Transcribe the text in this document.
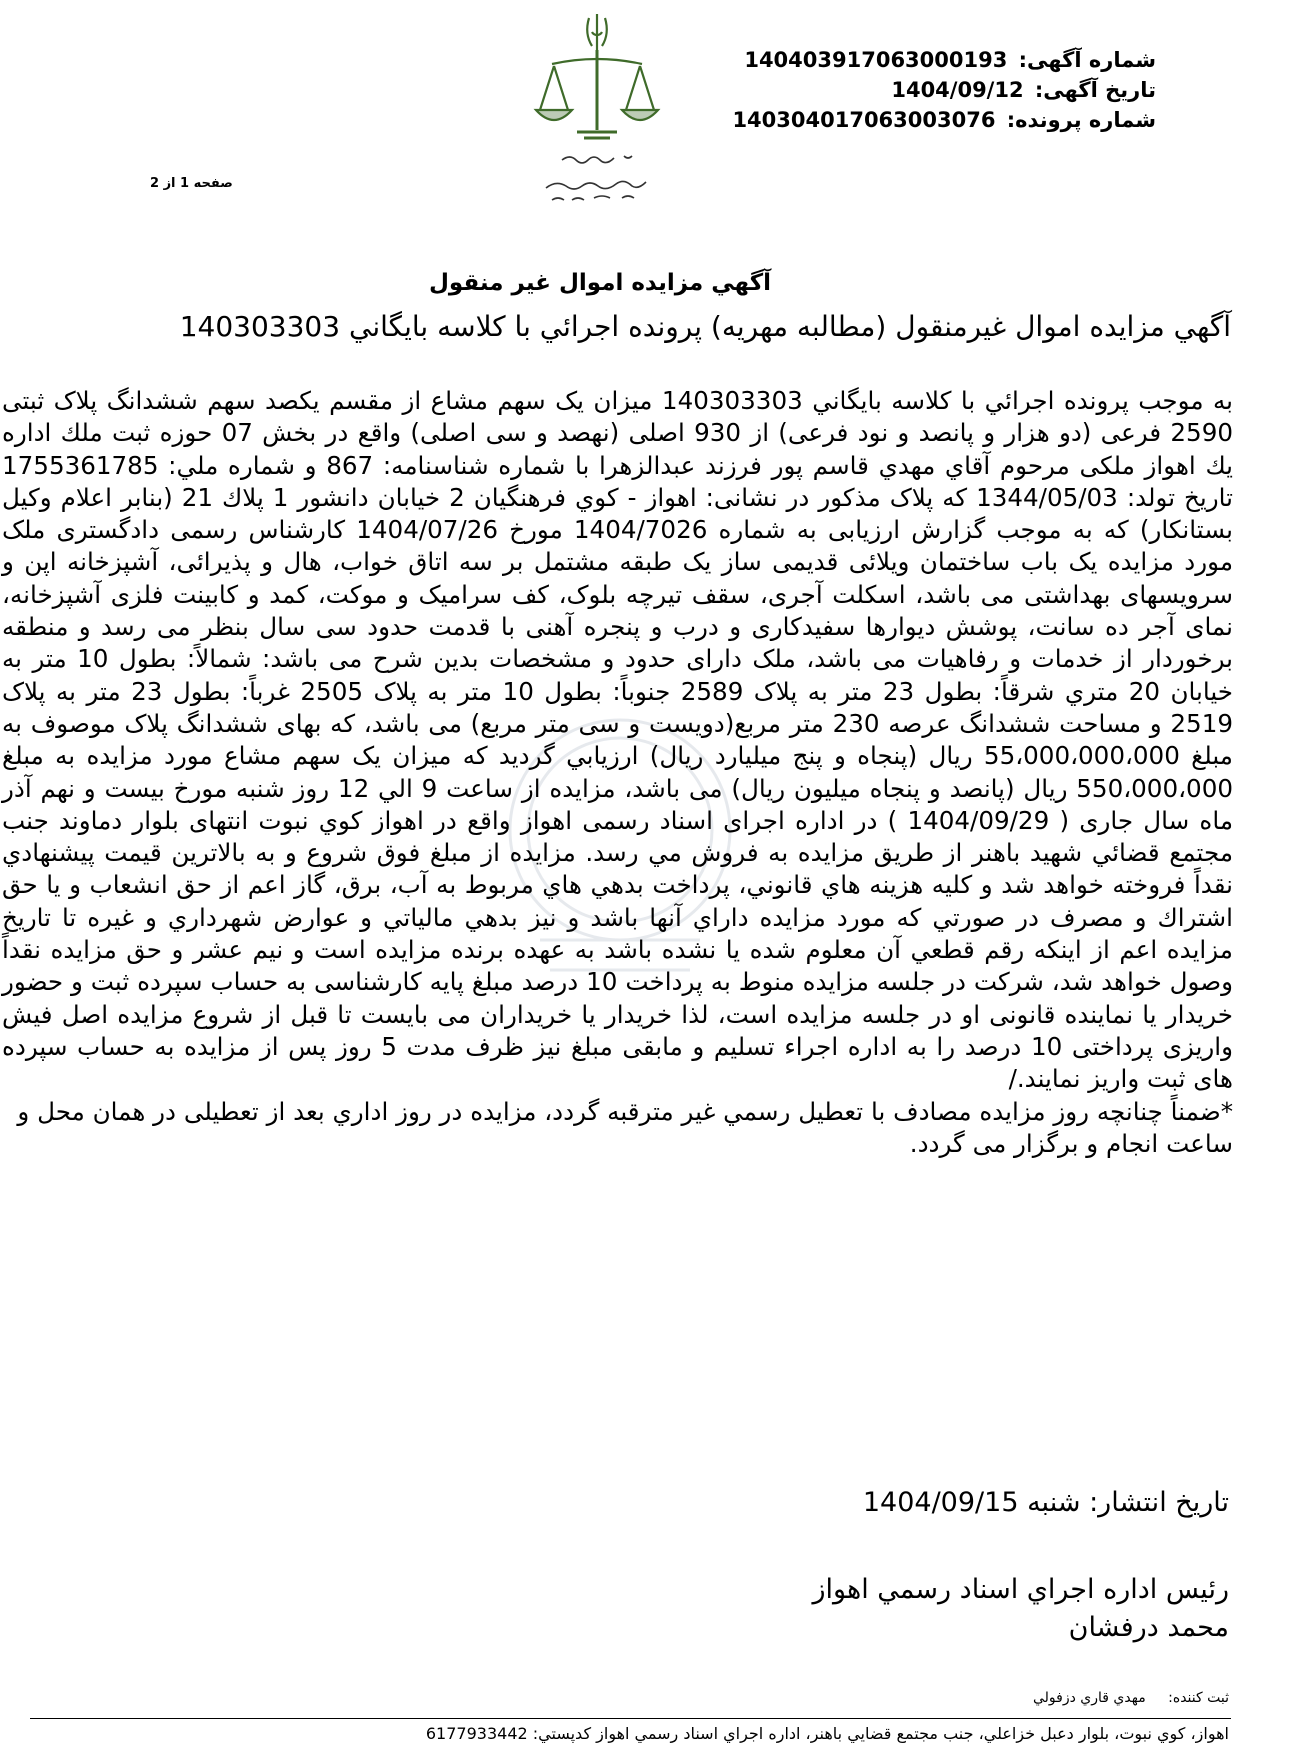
شماره آگهی: 140403917063000193
تاریخ آگهی: 1404/09/12
شماره پرونده: 140304017063003076
صفحه 1 از 2
آگهي مزايده اموال غير منقول
آگهي مزايده اموال غيرمنقول (مطالبه مهريه) پرونده اجرائي با كلاسه بايگاني 140303303

به موجب پرونده اجرائي با كلاسه بايگاني 140303303 ميزان یک سهم مشاع از مقسم یکصد سهم ششدانگ پلاک ثبتی 2590 فرعی (دو هزار و پانصد و نود فرعی) از 930 اصلی (نهصد و سی اصلی) واقع در بخش 07 حوزه ثبت ملك اداره يك اهواز ملکی مرحوم آقاي مهدي قاسم پور فرزند عبدالزهرا با شماره شناسنامه: 867 و شماره ملي: 1755361785 تاريخ تولد: 1344/05/03 كه پلاک مذكور در نشانی: اهواز - كوي فرهنگيان 2 خيابان دانشور 1 پلاك 21 (بنابر اعلام وكيل بستانكار) كه به موجب گزارش ارزيابی به شماره 1404/7026 مورخ 1404/07/26 کارشناس رسمی دادگستری ملک مورد مزایده یک باب ساختمان ویلائی قدیمی ساز یک طبقه مشتمل بر سه اتاق خواب، هال و پذیرائی، آشپزخانه اپن و سرویسهای بهداشتی می باشد، اسکلت آجری، سقف تیرچه بلوک، کف سرامیک و موکت، کمد و کابینت فلزی آشپزخانه، نمای آجر ده سانت، پوشش دیوارها سفیدکاری و درب و پنجره آهنی با قدمت حدود سی سال بنظر می رسد و منطقه برخوردار از خدمات و رفاهیات می باشد، ملک دارای حدود و مشخصات بدین شرح می باشد: شمالاً: بطول 10 متر به خيابان 20 متري شرقاً: بطول 23 متر به پلاک 2589 جنوباً: بطول 10 متر به پلاک 2505 غرباً: بطول 23 متر به پلاک 2519 و مساحت ششدانگ عرصه 230 متر مربع(دویست و سی متر مربع) می باشد، كه بهای ششدانگ پلاک موصوف به مبلغ 55،000،000،000 ريال (پنجاه و پنج ميليارد ريال) ارزيابي گرديد كه میزان یک سهم مشاع مورد مزایده به مبلغ 550،000،000 ريال (پانصد و پنجاه میلیون ريال) می باشد، مزايده از ساعت 9 الي 12 روز شنبه مورخ بیست و نهم آذر ماه سال جاری ( 1404/09/29 ) در اداره اجرای اسناد رسمی اهواز واقع در اهواز كوي نبوت انتهای بلوار دماوند جنب مجتمع قضائي شهيد باهنر از طريق مزايده به فروش مي رسد. مزايده از مبلغ فوق شروع و به بالاترين قيمت پيشنهادي نقداً فروخته خواهد شد و كليه هزينه هاي قانوني، پرداخت بدهي هاي مربوط به آب، برق، گاز اعم از حق انشعاب و يا حق اشتراك و مصرف در صورتي كه مورد مزايده داراي آنها باشد و نيز بدهي مالياتي و عوارض شهرداري و غيره تا تاريخ مزايده اعم از اينكه رقم قطعي آن معلوم شده يا نشده باشد به عهده برنده مزايده است و نيم عشر و حق مزايده نقداً وصول خواهد شد، شرکت در جلسه مزایده منوط به پرداخت 10 درصد مبلغ پایه کارشناسی به حساب سپرده ثبت و حضور خریدار یا نماینده قانونی او در جلسه مزایده است، لذا خریدار یا خریداران می بایست تا قبل از شروع مزایده اصل فیش واریزی پرداختی 10 درصد را به اداره اجراء تسلیم و مابقی مبلغ نیز ظرف مدت 5 روز پس از مزایده به حساب سپرده های ثبت واریز نمایند./

*ضمناً چنانچه روز مزايده مصادف با تعطيل رسمي غير مترقبه گردد، مزايده در روز اداري بعد از تعطيلی در همان محل و ساعت انجام و برگزار می گردد.

تاريخ انتشار: شنبه 1404/09/15
رئيس اداره اجراي اسناد رسمي اهواز
محمد درفشان
ثبت کننده: مهدي قاري دزفولي
اهواز، كوي نبوت، بلوار دعبل خزاعلي، جنب مجتمع قضايي باهنر، اداره اجراي اسناد رسمي اهواز كدپستي: 6177933442
